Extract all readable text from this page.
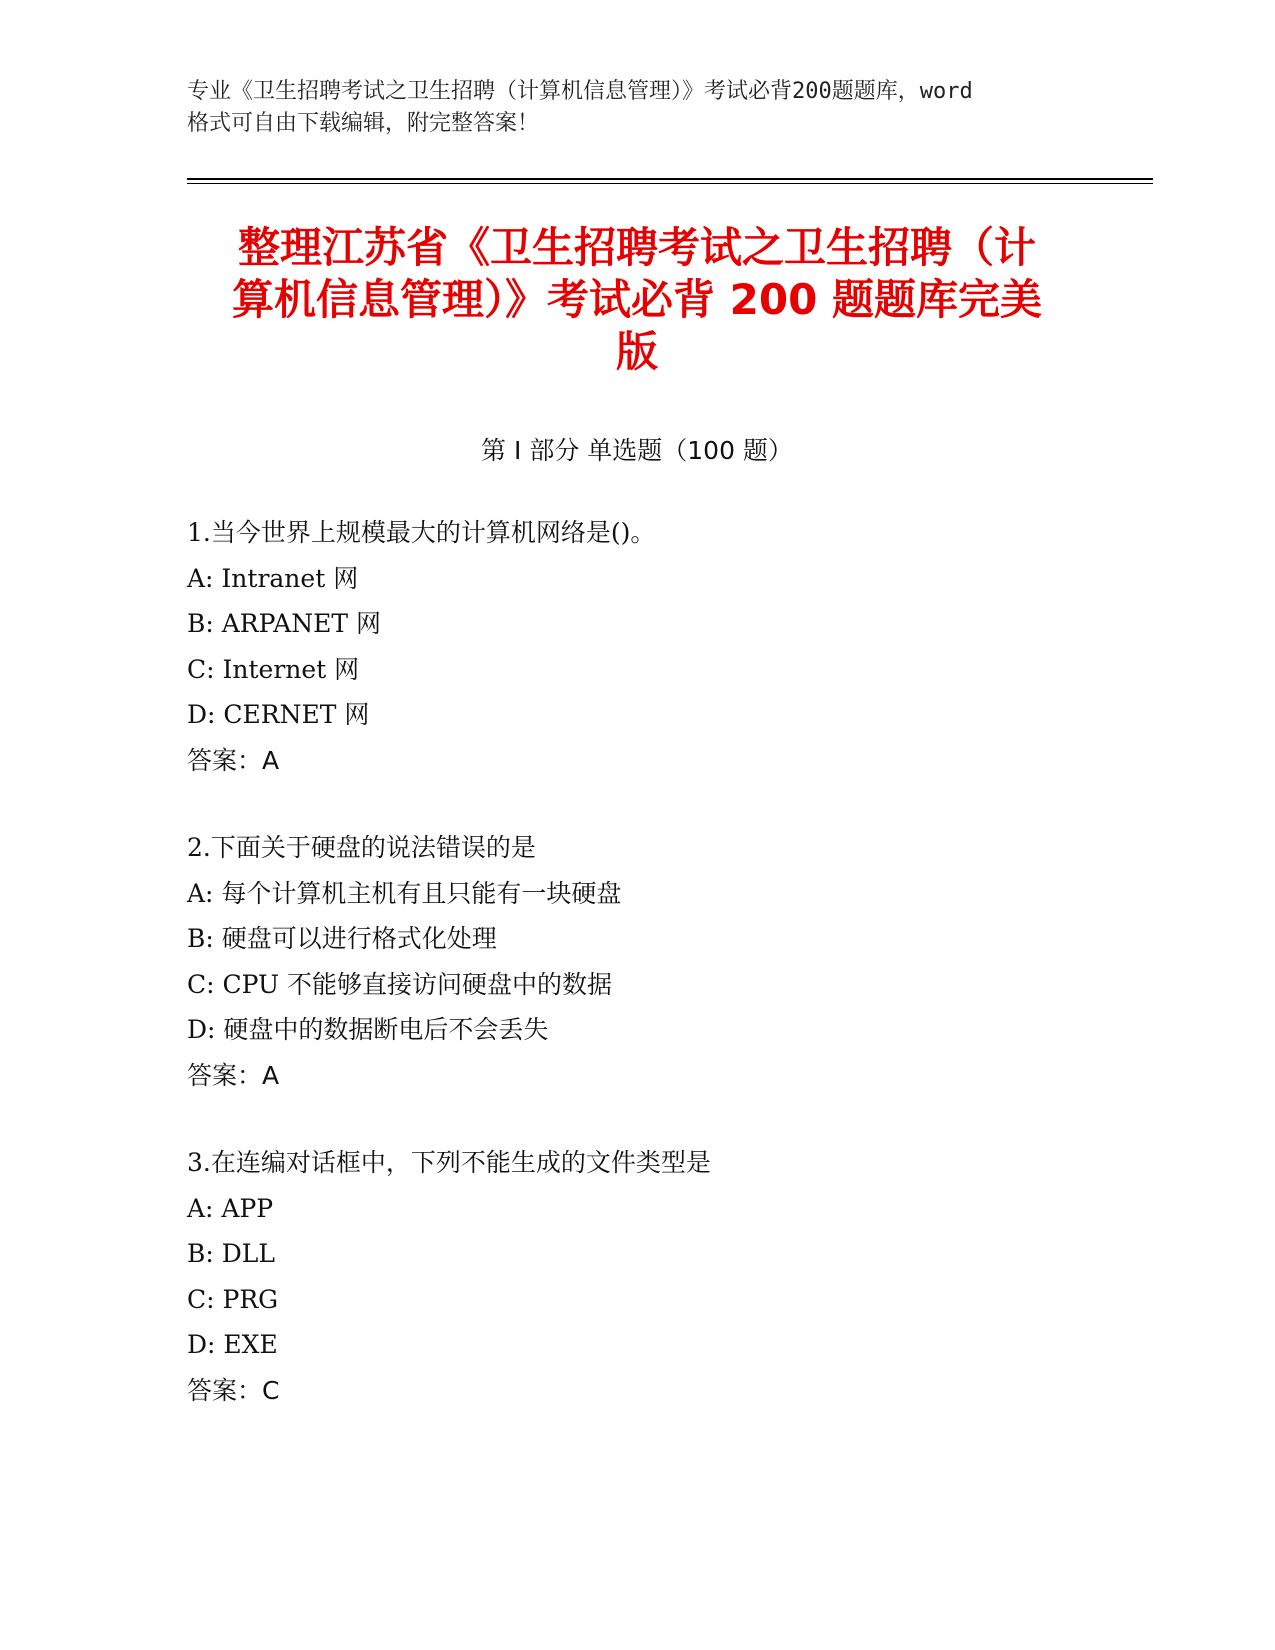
专业《卫生招聘考试之卫生招聘（计算机信息管理）》考试必背200题题库，word
格式可自由下载编辑，附完整答案！
整理江苏省《卫生招聘考试之卫生招聘（计
算机信息管理）》考试必背 200 题题库完美
版
第 I 部分 单选题（100 题）
1.当今世界上规模最大的计算机网络是()。
A: Intranet 网
B: ARPANET 网
C: Internet 网
D: CERNET 网
答案：A
2.下面关于硬盘的说法错误的是
A: 每个计算机主机有且只能有一块硬盘
B: 硬盘可以进行格式化处理
C: CPU 不能够直接访问硬盘中的数据
D: 硬盘中的数据断电后不会丢失
答案：A
3.在连编对话框中，下列不能生成的文件类型是
A: APP
B: DLL
C: PRG
D: EXE
答案：C
